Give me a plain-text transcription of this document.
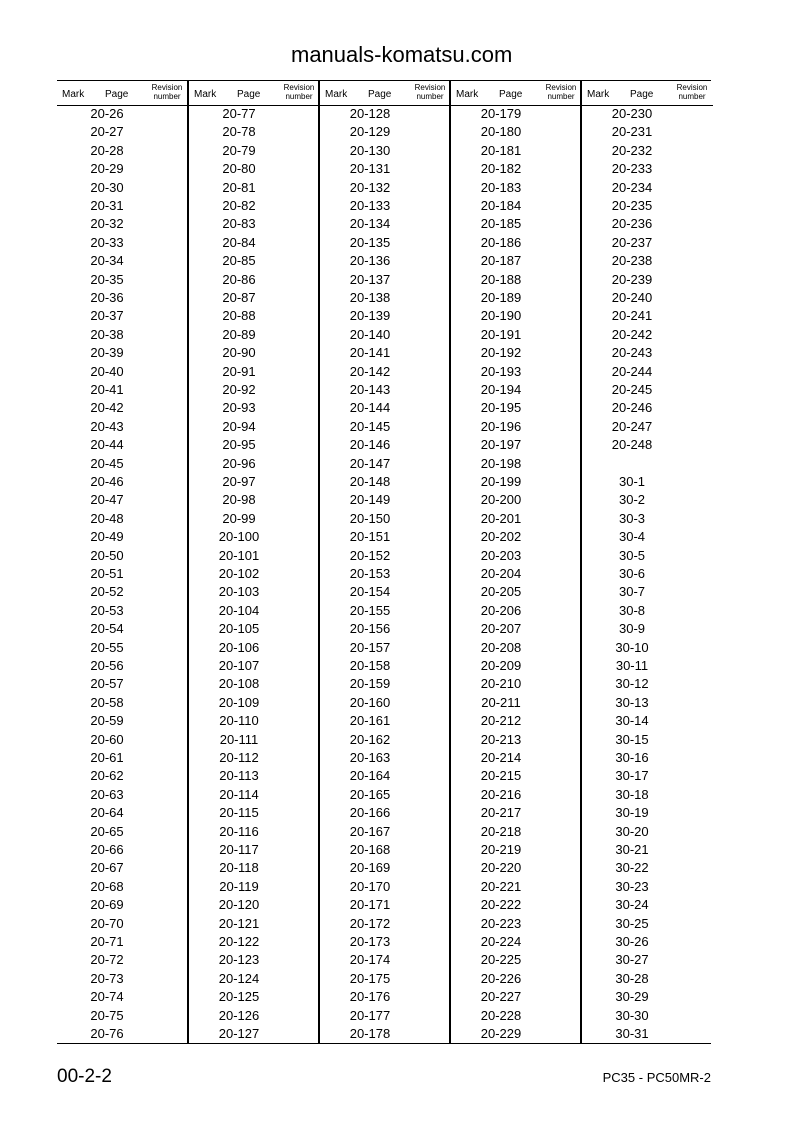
manuals-komatsu.com
Mark Page
Revision number
20-26
20-27
20-28
20-29
20-30
20-31
20-32
20-33
20-34
20-35
20-36
20-37
20-38
20-39
20-40
20-41
20-42
20-43
20-44
20-45
20-46
20-47
20-48
20-49
20-50
20-51
20-52
20-53
20-54
20-55
20-56
20-57
20-58
20-59
20-60
20-61
20-62
20-63
20-64
20-65
20-66
20-67
20-68
20-69
20-70
20-71
20-72
20-73
20-74
20-75
20-76
Mark Page
Revision number
20-77
20-78
20-79
20-80
20-81
20-82
20-83
20-84
20-85
20-86
20-87
20-88
20-89
20-90
20-91
20-92
20-93
20-94
20-95
20-96
20-97
20-98
20-99
20-100
20-101
20-102
20-103
20-104
20-105
20-106
20-107
20-108
20-109
20-110
20-111
20-112
20-113
20-114
20-115
20-116
20-117
20-118
20-119
20-120
20-121
20-122
20-123
20-124
20-125
20-126
20-127
Mark Page
Revision number
20-128
20-129
20-130
20-131
20-132
20-133
20-134
20-135
20-136
20-137
20-138
20-139
20-140
20-141
20-142
20-143
20-144
20-145
20-146
20-147
20-148
20-149
20-150
20-151
20-152
20-153
20-154
20-155
20-156
20-157
20-158
20-159
20-160
20-161
20-162
20-163
20-164
20-165
20-166
20-167
20-168
20-169
20-170
20-171
20-172
20-173
20-174
20-175
20-176
20-177
20-178
Mark Page
Revision number
20-179
20-180
20-181
20-182
20-183
20-184
20-185
20-186
20-187
20-188
20-189
20-190
20-191
20-192
20-193
20-194
20-195
20-196
20-197
20-198
20-199
20-200
20-201
20-202
20-203
20-204
20-205
20-206
20-207
20-208
20-209
20-210
20-211
20-212
20-213
20-214
20-215
20-216
20-217
20-218
20-219
20-220
20-221
20-222
20-223
20-224
20-225
20-226
20-227
20-228
20-229
Mark Page
Revision number
20-230
20-231
20-232
20-233
20-234
20-235
20-236
20-237
20-238
20-239
20-240
20-241
20-242
20-243
20-244
20-245
20-246
20-247
20-248
30-1
30-2
30-3
30-4
30-5
30-6
30-7
30-8
30-9
30-10
30-11
30-12
30-13
30-14
30-15
30-16
30-17
30-18
30-19
30-20
30-21
30-22
30-23
30-24
30-25
30-26
30-27
30-28
30-29
30-30
30-31
00-2-2	PC35 - PC50MR-2
